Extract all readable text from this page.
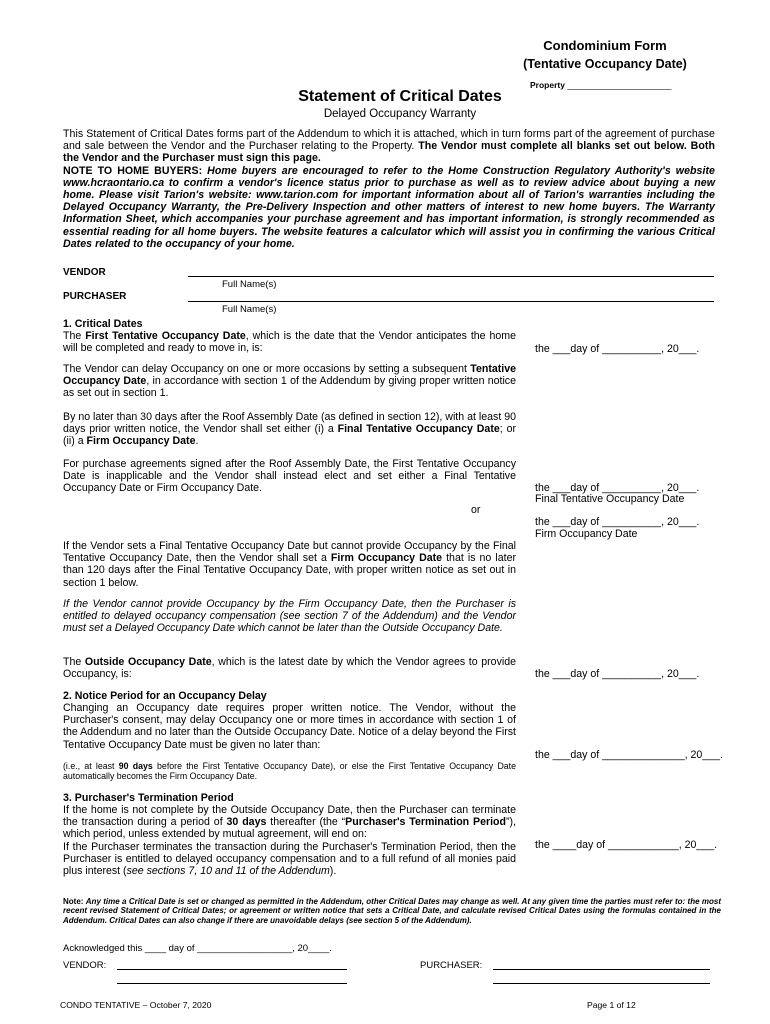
Condominium Form
(Tentative Occupancy Date)
Property ______________________
Statement of Critical Dates
Delayed Occupancy Warranty
This Statement of Critical Dates forms part of the Addendum to which it is attached, which in turn forms part of the agreement of purchase and sale between the Vendor and the Purchaser relating to the Property. The Vendor must complete all blanks set out below. Both the Vendor and the Purchaser must sign this page.
NOTE TO HOME BUYERS: Home buyers are encouraged to refer to the Home Construction Regulatory Authority's website www.hcraontario.ca to confirm a vendor's licence status prior to purchase as well as to review advice about buying a new home. Please visit Tarion's website: www.tarion.com for important information about all of Tarion's warranties including the Delayed Occupancy Warranty, the Pre-Delivery Inspection and other matters of interest to new home buyers. The Warranty Information Sheet, which accompanies your purchase agreement and has important information, is strongly recommended as essential reading for all home buyers. The website features a calculator which will assist you in confirming the various Critical Dates related to the occupancy of your home.
VENDOR
Full Name(s)
PURCHASER
Full Name(s)
1. Critical Dates
The First Tentative Occupancy Date, which is the date that the Vendor anticipates the home will be completed and ready to move in, is:	the ___day of __________, 20___.
The Vendor can delay Occupancy on one or more occasions by setting a subsequent Tentative Occupancy Date, in accordance with section 1 of the Addendum by giving proper written notice as set out in section 1.
By no later than 30 days after the Roof Assembly Date (as defined in section 12), with at least 90 days prior written notice, the Vendor shall set either (i) a Final Tentative Occupancy Date; or (ii) a Firm Occupancy Date.
For purchase agreements signed after the Roof Assembly Date, the First Tentative Occupancy Date is inapplicable and the Vendor shall instead elect and set either a Final Tentative Occupancy Date or Firm Occupancy Date.	the ___day of __________, 20___.
Final Tentative Occupancy Date
or
the ___day of __________, 20___.
Firm Occupancy Date
If the Vendor sets a Final Tentative Occupancy Date but cannot provide Occupancy by the Final Tentative Occupancy Date, then the Vendor shall set a Firm Occupancy Date that is no later than 120 days after the Final Tentative Occupancy Date, with proper written notice as set out in section 1 below.
If the Vendor cannot provide Occupancy by the Firm Occupancy Date, then the Purchaser is entitled to delayed occupancy compensation (see section 7 of the Addendum) and the Vendor must set a Delayed Occupancy Date which cannot be later than the Outside Occupancy Date.
The Outside Occupancy Date, which is the latest date by which the Vendor agrees to provide Occupancy, is:	the ___day of __________, 20___.
2. Notice Period for an Occupancy Delay
Changing an Occupancy date requires proper written notice. The Vendor, without the Purchaser's consent, may delay Occupancy one or more times in accordance with section 1 of the Addendum and no later than the Outside Occupancy Date. Notice of a delay beyond the First Tentative Occupancy Date must be given no later than:
the ___day of ______________, 20___.
(i.e., at least 90 days before the First Tentative Occupancy Date), or else the First Tentative Occupancy Date automatically becomes the Firm Occupancy Date.
3. Purchaser's Termination Period
If the home is not complete by the Outside Occupancy Date, then the Purchaser can terminate the transaction during a period of 30 days thereafter (the “Purchaser's Termination Period”), which period, unless extended by mutual agreement, will end on:
If the Purchaser terminates the transaction during the Purchaser's Termination Period, then the Purchaser is entitled to delayed occupancy compensation and to a full refund of all monies paid plus interest (see sections 7, 10 and 11 of the Addendum).
the ____day of ____________, 20___.
Note: Any time a Critical Date is set or changed as permitted in the Addendum, other Critical Dates may change as well. At any given time the parties must refer to: the most recent revised Statement of Critical Dates; or agreement or written notice that sets a Critical Date, and calculate revised Critical Dates using the formulas contained in the Addendum. Critical Dates can also change if there are unavoidable delays (see section 5 of the Addendum).
Acknowledged this ____ day of __________________, 20____.
VENDOR:	PURCHASER:
CONDO TENTATIVE – October 7, 2020	Page 1 of 12
